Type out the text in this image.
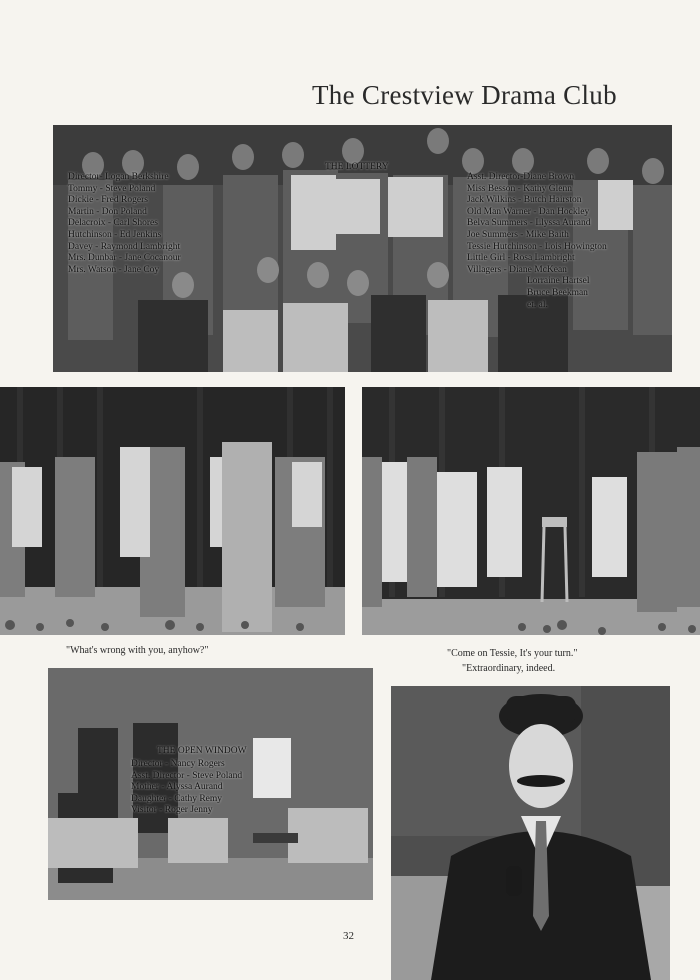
The Crestview Drama Club
THE LOTTERY
Director- Logan Berkshire
Tommy - Steve Poland
Dickie - Fred Rogers
Martin - Don Poland
Delacroix - Carl Shores
Hutchinson - Ed Jenkins
Davey - Raymond Lambright
Mrs. Dunbar - Jane Cocanour
Mrs. Watson - Jane Coy
Asst. Director-Diane Brown
Miss Besson - Kathy Glenn
Jack Wilkins - Butch Hairston
Old Man Warner - Dan Hockley
Belva Summers - Llyssa Aurand
Joe Summers - Mike Baith
Tessie Hutchinson - Lois Howington
Little Girl - Rosa Lambright
Villagers - Diane McKean
Lorraine Hartsel
Bruce Beekman
et. al.
"What's wrong with you, anyhow?"	"Come on Tessie, It's your turn."
"Extraordinary, indeed.
THE OPEN WINDOW
Director - Nancy Rogers
Asst. Director - Steve Poland
Mother - Alyssa Aurand
Daughter - Cathy Remy
Visitor - Roger Jenny
32
